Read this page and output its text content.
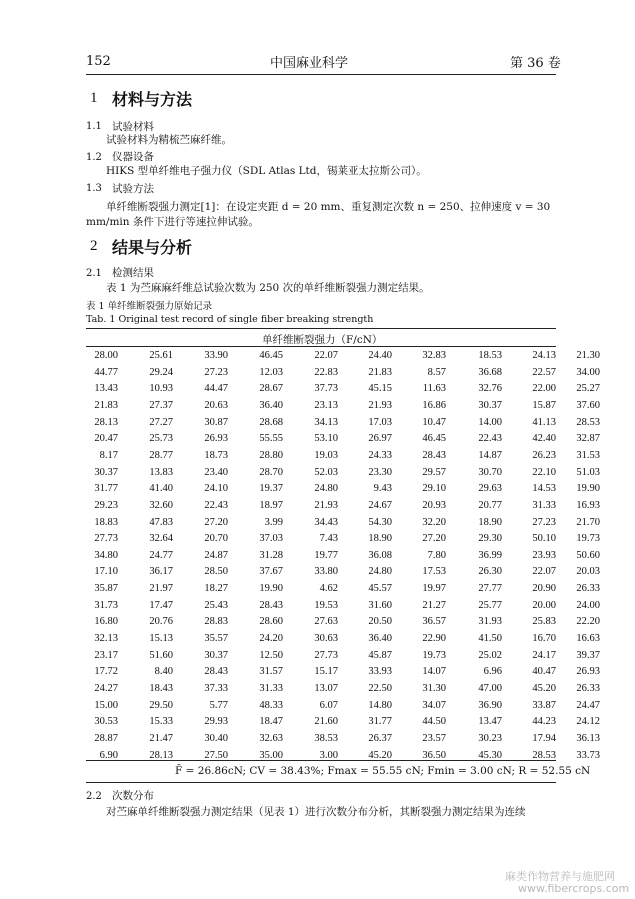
152	中国麻业科学	第 36 卷
1 材料与方法
1.1 试验材料
试验材料为精梳苎麻纤维。
1.2 仪器设备
HIKS 型单纤维电子强力仪（SDL Atlas Ltd，锡莱亚太拉斯公司）。
1.3 试验方法
单纤维断裂强力测定[1]：在设定夹距 d = 20 mm、重复测定次数 n = 250、拉伸速度 v = 30
mm/min 条件下进行等速拉伸试验。
2 结果与分析
2.1 检测结果
表 1 为苎麻麻纤维总试验次数为 250 次的单纤维断裂强力测定结果。
表 1 单纤维断裂强力原始记录
Tab. 1 Original test record of single fiber breaking strength
单纤维断裂强力（F/cN）
28.00	25.61	33.90	46.45	22.07	24.40	32.83	18.53	24.13	21.30
44.77	29.24	27.23	12.03	22.83	21.83	8.57	36.68	22.57	34.00
13.43	10.93	44.47	28.67	37.73	45.15	11.63	32.76	22.00	25.27
21.83	27.37	20.63	36.40	23.13	21.93	16.86	30.37	15.87	37.60
28.13	27.27	30.87	28.68	34.13	17.03	10.47	14.00	41.13	28.53
20.47	25.73	26.93	55.55	53.10	26.97	46.45	22.43	42.40	32.87
8.17	28.77	18.73	28.80	19.03	24.33	28.43	14.87	26.23	31.53
30.37	13.83	23.40	28.70	52.03	23.30	29.57	30.70	22.10	51.03
31.77	41.40	24.10	19.37	24.80	9.43	29.10	29.63	14.53	19.90
29.23	32.60	22.43	18.97	21.93	24.67	20.93	20.77	31.33	16.93
18.83	47.83	27.20	3.99	34.43	54.30	32.20	18.90	27.23	21.70
27.73	32.64	20.70	37.03	7.43	18.90	27.20	29.30	50.10	19.73
34.80	24.77	24.87	31.28	19.77	36.08	7.80	36.99	23.93	50.60
17.10	36.17	28.50	37.67	33.80	24.80	17.53	26.30	22.07	20.03
35.87	21.97	18.27	19.90	4.62	45.57	19.97	27.77	20.90	26.33
31.73	17.47	25.43	28.43	19.53	31.60	21.27	25.77	20.00	24.00
16.80	20.76	28.83	28.60	27.63	20.50	36.57	31.93	25.83	22.20
32.13	15.13	35.57	24.20	30.63	36.40	22.90	41.50	16.70	16.63
23.17	51.60	30.37	12.50	27.73	45.87	19.73	25.02	24.17	39.37
17.72	8.40	28.43	31.57	15.17	33.93	14.07	6.96	40.47	26.93
24.27	18.43	37.33	31.33	13.07	22.50	31.30	47.00	45.20	26.33
15.00	29.50	5.77	48.33	6.07	14.80	34.07	36.90	33.87	24.47
30.53	15.33	29.93	18.47	21.60	31.77	44.50	13.47	44.23	24.12
28.87	21.47	30.40	32.63	38.53	26.37	23.57	30.23	17.94	36.13
6.90	28.13	27.50	35.00	3.00	45.20	36.50	45.30	28.53	33.73
F̄ = 26.86cN; CV = 38.43%; Fmax = 55.55 cN; Fmin = 3.00 cN; R = 52.55 cN
2.2 次数分布
对苎麻单纤维断裂强力测定结果（见表 1）进行次数分布分析，其断裂强力测定结果为连续
麻类作物营养与施肥网
www.fibercrops.com
